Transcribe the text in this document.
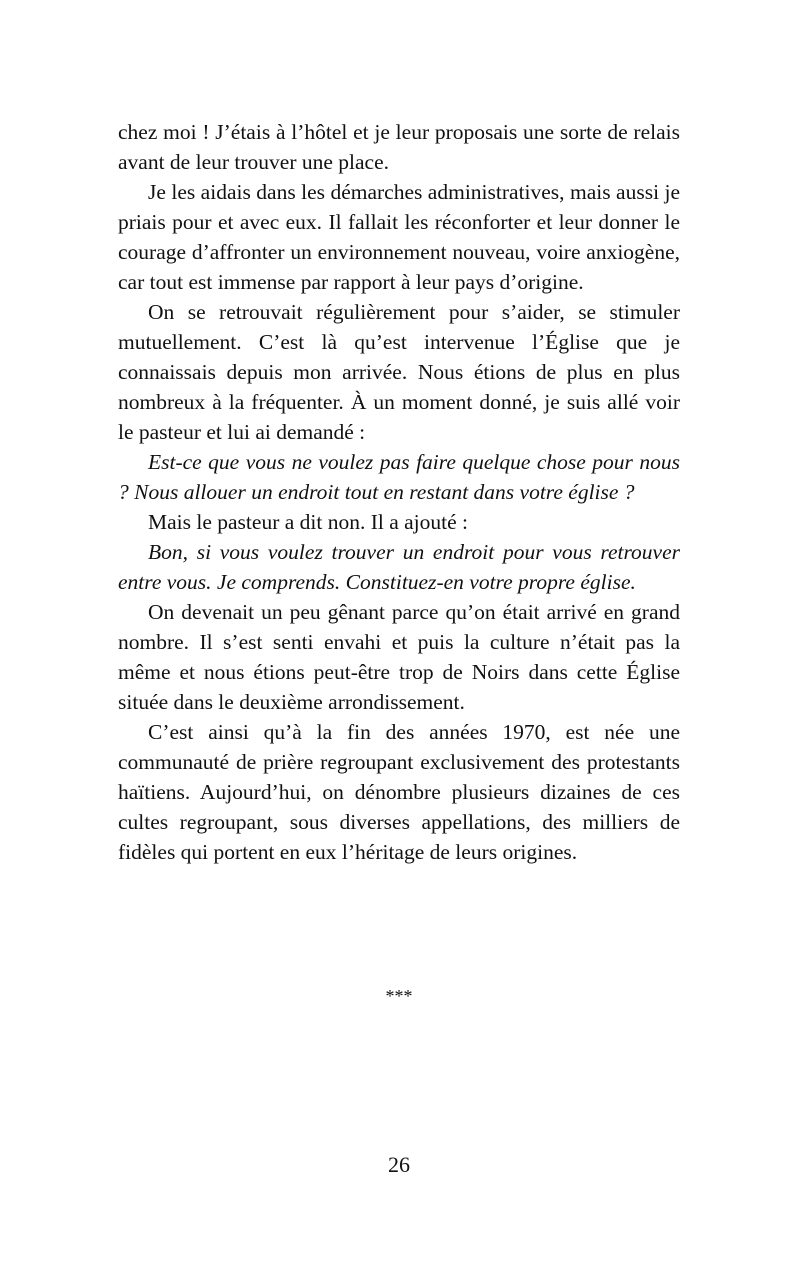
chez moi ! J’étais à l’hôtel et je leur proposais une sorte de relais avant de leur trouver une place.

Je les aidais dans les démarches administratives, mais aussi je priais pour et avec eux. Il fallait les réconforter et leur donner le courage d’affronter un environnement nouveau, voire anxiogène, car tout est immense par rapport à leur pays d’origine.

On se retrouvait régulièrement pour s’aider, se stimuler mutuellement. C’est là qu’est intervenue l’Église que je connaissais depuis mon arrivée. Nous étions de plus en plus nombreux à la fréquenter. À un moment donné, je suis allé voir le pasteur et lui ai demandé :

Est-ce que vous ne voulez pas faire quelque chose pour nous ? Nous allouer un endroit tout en restant dans votre église ?

Mais le pasteur a dit non. Il a ajouté :

Bon, si vous voulez trouver un endroit pour vous retrouver entre vous. Je comprends. Constituez-en votre propre église.

On devenait un peu gênant parce qu’on était arrivé en grand nombre. Il s’est senti envahi et puis la culture n’était pas la même et nous étions peut-être trop de Noirs dans cette Église située dans le deuxième arrondissement.

C’est ainsi qu’à la fin des années 1970, est née une communauté de prière regroupant exclusivement des protestants haïtiens. Aujourd’hui, on dénombre plusieurs dizaines de ces cultes regroupant, sous diverses appellations, des milliers de fidèles qui portent en eux l’héritage de leurs origines.

***
26
